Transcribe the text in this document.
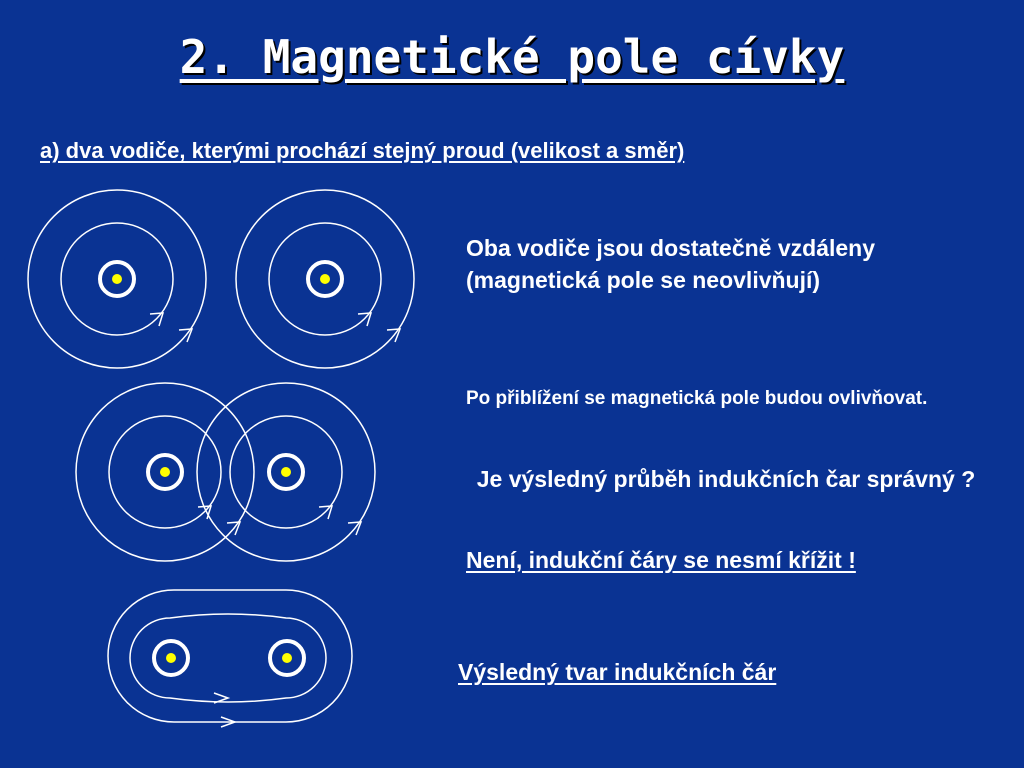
2. Magnetické pole cívky
a) dva vodiče, kterými prochází stejný proud (velikost a směr)
Oba vodiče jsou dostatečně vzdáleny (magnetická pole se neovlivňují)
Po přiblížení se magnetická pole budou ovlivňovat.
Je výsledný průběh indukčních čar správný ?
Není, indukční čáry se nesmí křížit !
Výsledný tvar indukčních čár
